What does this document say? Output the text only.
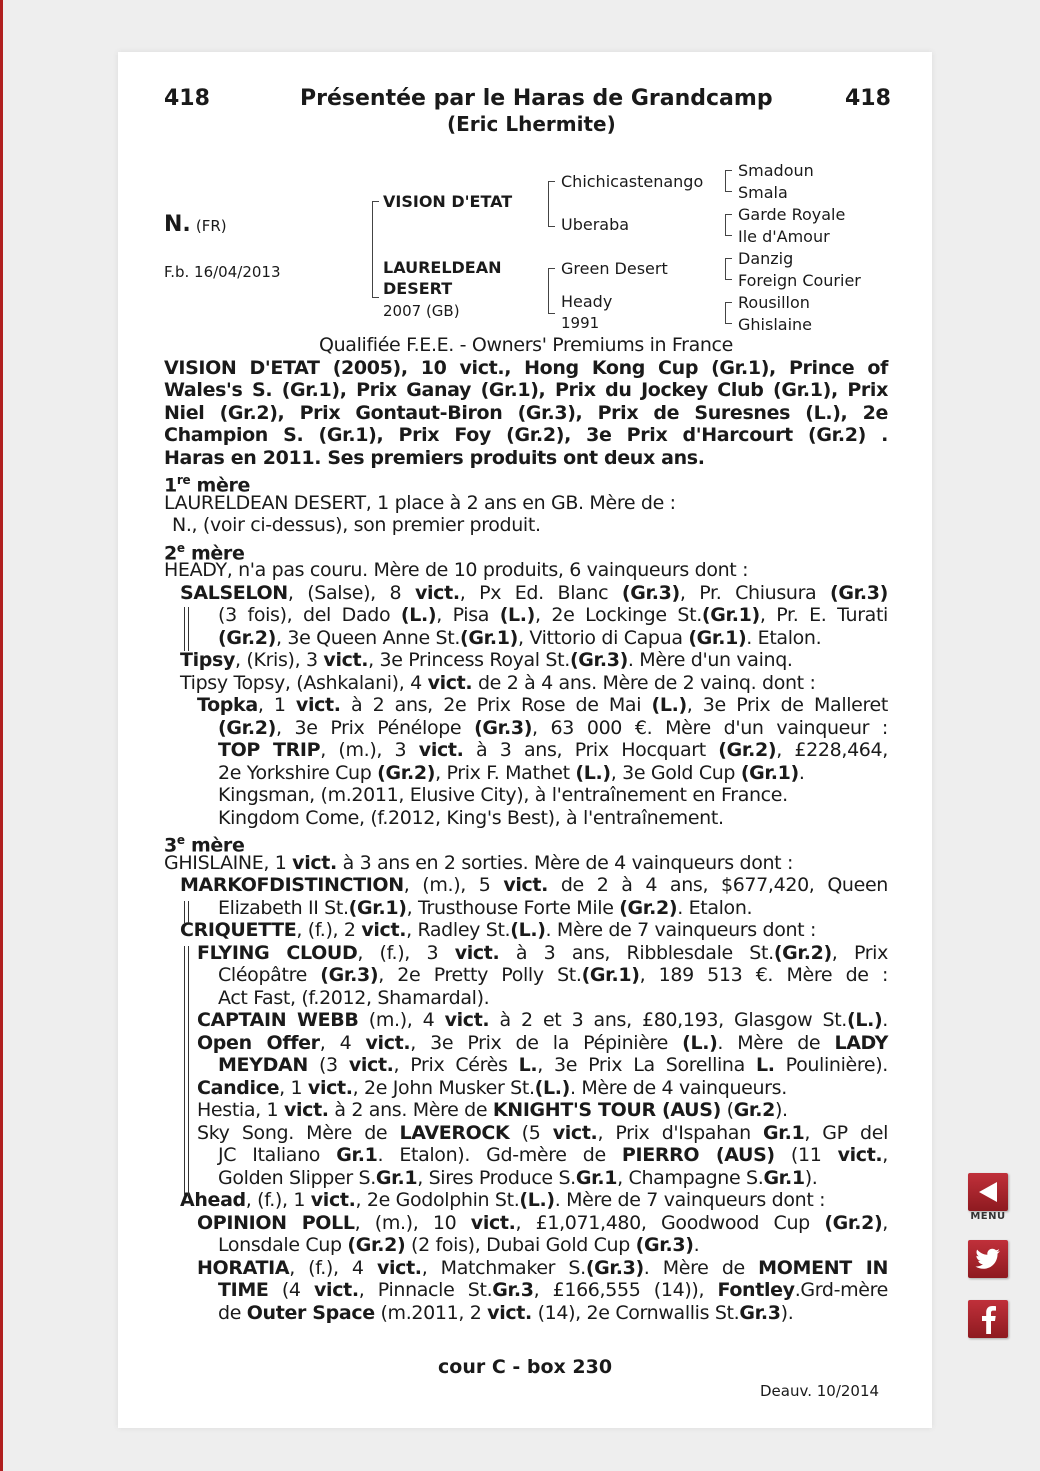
418	Présentée par le Haras de Grandcamp	418
(Eric Lhermite)
N. (FR)
F.b. 16/04/2013
VISION D'ETAT
LAURELDEAN
DESERT
2007 (GB)
Chichicastenango
Uberaba
Green Desert
Heady
1991
Smadoun
Smala
Garde Royale
Ile d'Amour
Danzig
Foreign Courier
Rousillon
Ghislaine
Qualifiée F.E.E. - Owners' Premiums in France
VISION D'ETAT (2005), 10 vict., Hong Kong Cup (Gr.1), Prince of
Wales's S. (Gr.1), Prix Ganay (Gr.1), Prix du Jockey Club (Gr.1), Prix
Niel (Gr.2), Prix Gontaut-Biron (Gr.3), Prix de Suresnes (L.), 2e
Champion S. (Gr.1), Prix Foy (Gr.2), 3e Prix d'Harcourt (Gr.2) .
Haras en 2011. Ses premiers produits ont deux ans.
1re mère
LAURELDEAN DESERT, 1 place à 2 ans en GB. Mère de :
N., (voir ci-dessus), son premier produit.
2e mère
HEADY, n'a pas couru. Mère de 10 produits, 6 vainqueurs dont :
SALSELON, (Salse), 8 vict., Px Ed. Blanc (Gr.3), Pr. Chiusura (Gr.3)
(3 fois), del Dado (L.), Pisa (L.), 2e Lockinge St.(Gr.1), Pr. E. Turati
(Gr.2), 3e Queen Anne St.(Gr.1), Vittorio di Capua (Gr.1). Etalon.
Tipsy, (Kris), 3 vict., 3e Princess Royal St.(Gr.3). Mère d'un vainq.
Tipsy Topsy, (Ashkalani), 4 vict. de 2 à 4 ans. Mère de 2 vainq. dont :
Topka, 1 vict. à 2 ans, 2e Prix Rose de Mai (L.), 3e Prix de Malleret
(Gr.2), 3e Prix Pénélope (Gr.3), 63 000 €. Mère d'un vainqueur :
TOP TRIP, (m.), 3 vict. à 3 ans, Prix Hocquart (Gr.2), £228,464,
2e Yorkshire Cup (Gr.2), Prix F. Mathet (L.), 3e Gold Cup (Gr.1).
Kingsman, (m.2011, Elusive City), à l'entraînement en France.
Kingdom Come, (f.2012, King's Best), à l'entraînement.
3e mère
GHISLAINE, 1 vict. à 3 ans en 2 sorties. Mère de 4 vainqueurs dont :
MARKOFDISTINCTION, (m.), 5 vict. de 2 à 4 ans, $677,420, Queen
Elizabeth II St.(Gr.1), Trusthouse Forte Mile (Gr.2). Etalon.
CRIQUETTE, (f.), 2 vict., Radley St.(L.). Mère de 7 vainqueurs dont :
FLYING CLOUD, (f.), 3 vict. à 3 ans, Ribblesdale St.(Gr.2), Prix
Cléopâtre (Gr.3), 2e Pretty Polly St.(Gr.1), 189 513 €. Mère de :
Act Fast, (f.2012, Shamardal).
CAPTAIN WEBB (m.), 4 vict. à 2 et 3 ans, £80,193, Glasgow St.(L.).
Open Offer, 4 vict., 3e Prix de la Pépinière (L.). Mère de LADY
MEYDAN (3 vict., Prix Cérès L., 3e Prix La Sorellina L. Poulinière).
Candice, 1 vict., 2e John Musker St.(L.). Mère de 4 vainqueurs.
Hestia, 1 vict. à 2 ans. Mère de KNIGHT'S TOUR (AUS) (Gr.2).
Sky Song. Mère de LAVEROCK (5 vict., Prix d'Ispahan Gr.1, GP del
JC Italiano Gr.1. Etalon). Gd-mère de PIERRO (AUS) (11 vict.,
Golden Slipper S.Gr.1, Sires Produce S.Gr.1, Champagne S.Gr.1).
Ahead, (f.), 1 vict., 2e Godolphin St.(L.). Mère de 7 vainqueurs dont :
OPINION POLL, (m.), 10 vict., £1,071,480, Goodwood Cup (Gr.2),
Lonsdale Cup (Gr.2) (2 fois), Dubai Gold Cup (Gr.3).
HORATIA, (f.), 4 vict., Matchmaker S.(Gr.3). Mère de MOMENT IN
TIME (4 vict., Pinnacle St.Gr.3, £166,555 (14)), Fontley.Grd-mère
de Outer Space (m.2011, 2 vict. (14), 2e Cornwallis St.Gr.3).
cour C - box 230
Deauv. 10/2014
MENU
